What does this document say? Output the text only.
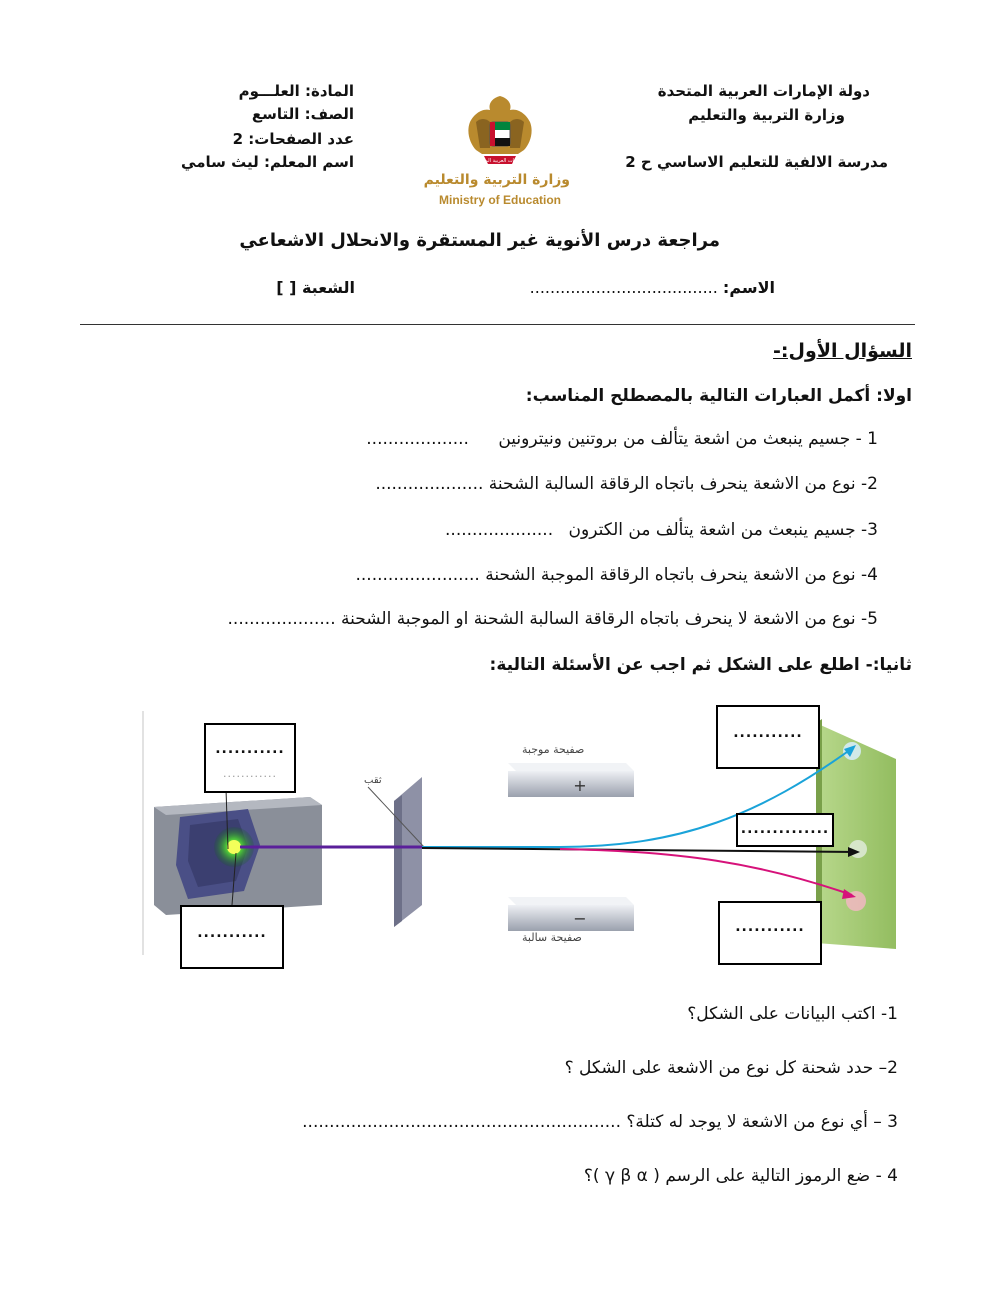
دولة الإمارات العربية المتحدة
وزارة التربية والتعليم
مدرسة الالفية للتعليم الاساسي ح 2
المادة: العلـــوم
الصف: التاسع
عدد الصفحات: 2
اسم المعلم: ليث سامي	الإمارات العربية المتحدة
وزارة التربية والتعليم
Ministry of Education
مراجعة درس الأنوية غير المستقرة والانحلال الاشعاعي
الاسم: .....................................
الشعبة [ ]
السؤال الأول:-
اولا: أكمل العبارات التالية بالمصطلح المناسب:
1 - جسيم ينبعث من اشعة يتألف من بروتنين ونيترونين ...................
2- نوع من الاشعة ينحرف باتجاه الرقاقة السالبة الشحنة ....................
3- جسيم ينبعث من اشعة يتألف من الكترون ....................
4- نوع من الاشعة ينحرف باتجاه الرقاقة الموجبة الشحنة .......................
5- نوع من الاشعة لا ينحرف باتجاه الرقاقة السالبة الشحنة او الموجبة الشحنة ....................
ثانيا:- اطلع على الشكل ثم اجب عن الأسئلة التالية:
+
−
صفيحة موجبة
صفيحة سالبة
ثقب
...........
............
...........
...........
..............
...........
1- اكتب البيانات على الشكل؟
2– حدد شحنة كل نوع من الاشعة على الشكل ؟
3 – أي نوع من الاشعة لا يوجد له كتلة؟ ...........................................................
4 - ضع الرموز التالية على الرسم ( γ β α )؟
